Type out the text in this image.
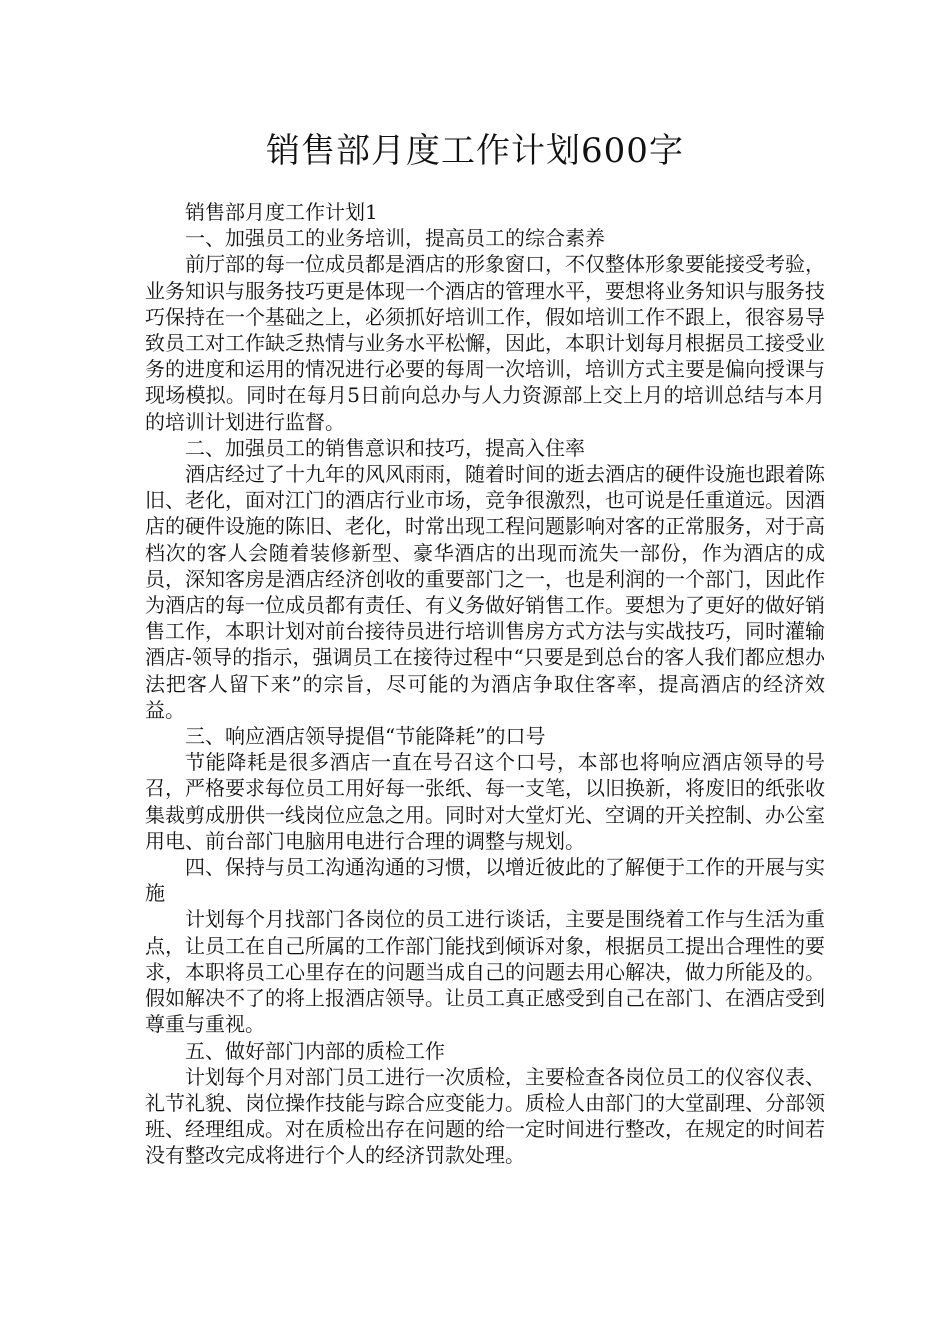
销售部月度工作计划600字

销售部月度工作计划1

一、加强员工的业务培训，提高员工的综合素养

前厅部的每一位成员都是酒店的形象窗口，不仅整体形象要能接受考验，业务知识与服务技巧更是体现一个酒店的管理水平，要想将业务知识与服务技巧保持在一个基础之上，必须抓好培训工作，假如培训工作不跟上，很容易导致员工对工作缺乏热情与业务水平松懈，因此，本职计划每月根据员工接受业务的进度和运用的情况进行必要的每周一次培训，培训方式主要是偏向授课与现场模拟。同时在每月5日前向总办与人力资源部上交上月的培训总结与本月的培训计划进行监督。

二、加强员工的销售意识和技巧，提高入住率

酒店经过了十九年的风风雨雨，随着时间的逝去酒店的硬件设施也跟着陈旧、老化，面对江门的酒店行业市场，竞争很激烈，也可说是任重道远。因酒店的硬件设施的陈旧、老化，时常出现工程问题影响对客的正常服务，对于高档次的客人会随着装修新型、豪华酒店的出现而流失一部份，作为酒店的成员，深知客房是酒店经济创收的重要部门之一，也是利润的一个部门，因此作为酒店的每一位成员都有责任、有义务做好销售工作。要想为了更好的做好销售工作，本职计划对前台接待员进行培训售房方式方法与实战技巧，同时灌输酒店-领导的指示，强调员工在接待过程中“只要是到总台的客人我们都应想办法把客人留下来”的宗旨，尽可能的为酒店争取住客率，提高酒店的经济效益。

三、响应酒店领导提倡“节能降耗”的口号

节能降耗是很多酒店一直在号召这个口号，本部也将响应酒店领导的号召，严格要求每位员工用好每一张纸、每一支笔，以旧换新，将废旧的纸张收集裁剪成册供一线岗位应急之用。同时对大堂灯光、空调的开关控制、办公室用电、前台部门电脑用电进行合理的调整与规划。

四、保持与员工沟通沟通的习惯，以增近彼此的了解便于工作的开展与实施

计划每个月找部门各岗位的员工进行谈话，主要是围绕着工作与生活为重点，让员工在自己所属的工作部门能找到倾诉对象，根据员工提出合理性的要求，本职将员工心里存在的问题当成自己的问题去用心解决，做力所能及的。假如解决不了的将上报酒店领导。让员工真正感受到自己在部门、在酒店受到尊重与重视。

五、做好部门内部的质检工作

计划每个月对部门员工进行一次质检，主要检查各岗位员工的仪容仪表、礼节礼貌、岗位操作技能与踪合应变能力。质检人由部门的大堂副理、分部领班、经理组成。对在质检出存在问题的给一定时间进行整改，在规定的时间若没有整改完成将进行个人的经济罚款处理。
